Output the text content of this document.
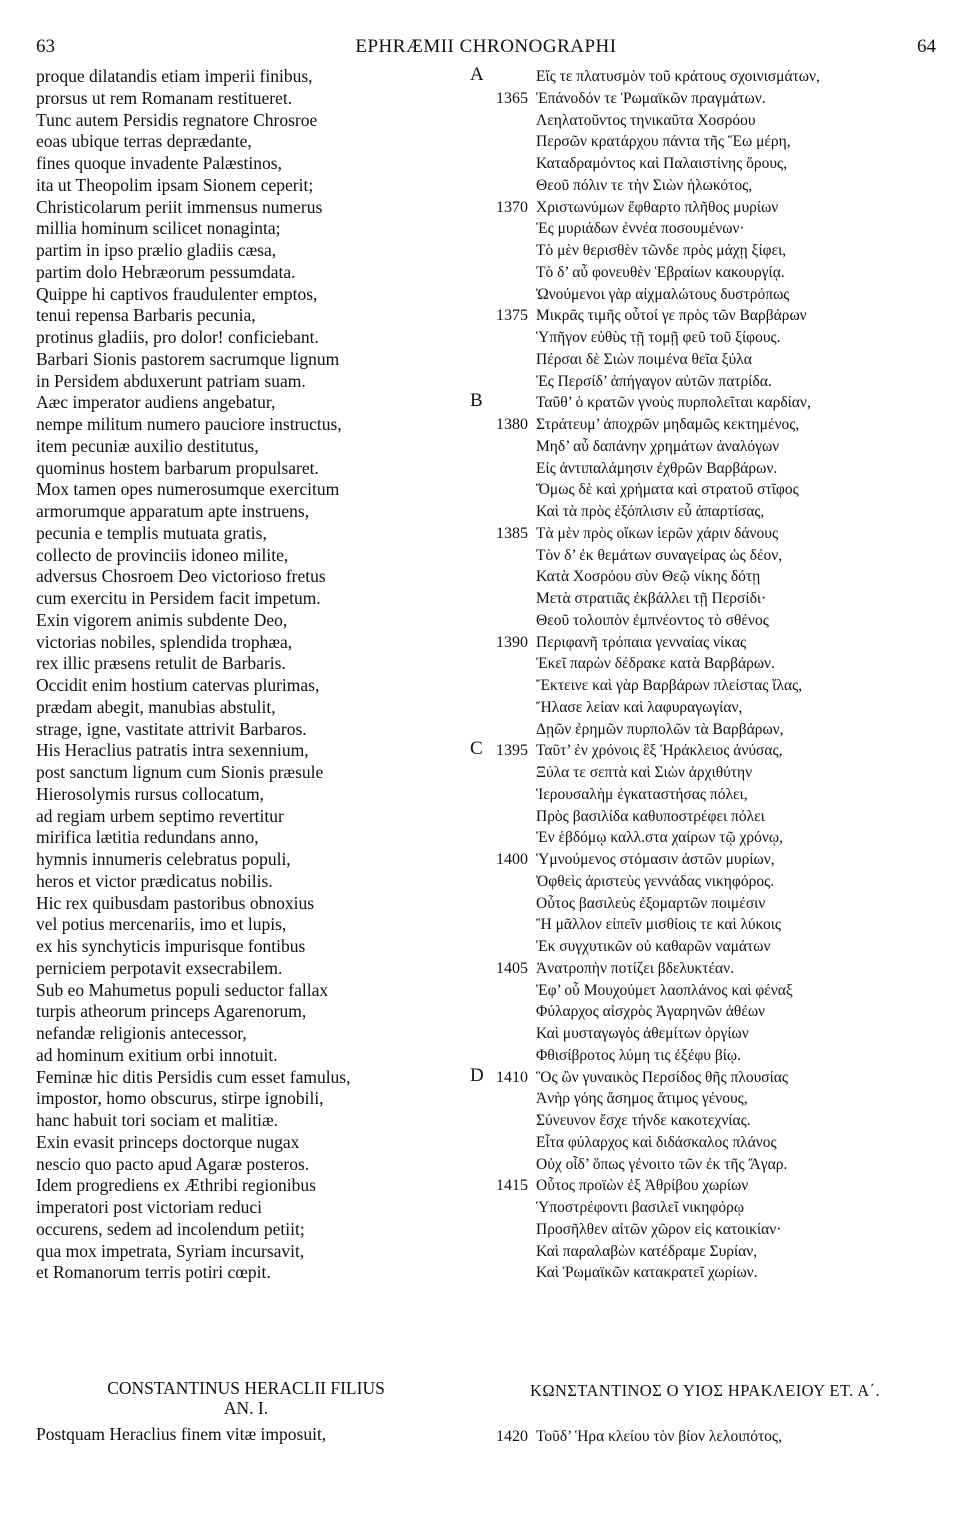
63	EPHRÆMII CHRONOGRAPHI	64
proque dilatandis etiam imperii finibus,
prorsus ut rem Romanam restitueret.
Tunc autem Persidis regnatore Chrosroe
eoas ubique terras deprædante,
fines quoque invadente Palæstinos,
ita ut Theopolim ipsam Sionem ceperit;
Christicolarum periit immensus numerus
millia hominum scilicet nonaginta;
partim in ipso prælio gladiis cæsa,
partim dolo Hebræorum pessumdata.
Quippe hi captivos fraudulenter emptos,
tenui repensa Barbaris pecunia,
protinus gladiis, pro dolor! conficiebant.
Barbari Sionis pastorem sacrumque lignum
in Persidem abduxerunt patriam suam.
Aæc imperator audiens angebatur,
nempe militum numero pauciore instructus,
item pecuniæ auxilio destitutus,
quominus hostem barbarum propulsaret.
Mox tamen opes numerosumque exercitum
armorumque apparatum apte instruens,
pecunia e templis mutuata gratis,
collecto de provinciis idoneo milite,
adversus Chosroem Deo victorioso fretus
cum exercitu in Persidem facit impetum.
Exin vigorem animis subdente Deo,
victorias nobiles, splendida trophæa,
rex illic præsens retulit de Barbaris.
Occidit enim hostium catervas plurimas,
prædam abegit, manubias abstulit,
strage, igne, vastitate attrivit Barbaros.
His Heraclius patratis intra sexennium,
post sanctum lignum cum Sionis præsule
Hierosolymis rursus collocatum,
ad regiam urbem septimo revertitur
mirifica lætitia redundans anno,
hymnis innumeris celebratus populi,
heros et victor prædicatus nobilis.
Hic rex quibusdam pastoribus obnoxius
vel potius mercenariis, imo et lupis,
ex his synchyticis impurisque fontibus
perniciem perpotavit exsecrabilem.
Sub eo Mahumetus populi seductor fallax
turpis atheorum princeps Agarenorum,
nefandæ religionis antecessor,
ad hominum exitium orbi innotuit.
Feminæ hic ditis Persidis cum esset famulus,
impostor, homo obscurus, stirpe ignobili,
hanc habuit tori sociam et malitiæ.
Exin evasit princeps doctorque nugax
nescio quo pacto apud Agaræ posteros.
Idem progrediens ex Æthribi regionibus
imperatori post victoriam reduci
occurens, sedem ad incolendum petiit;
qua mox impetrata, Syriam incursavit,
et Romanorum terris potiri cœpit.
A	Εἴς τε πλατυσμὸν τοῦ κράτους σχοινισμάτων,
1365 Ἐπάνοδόν τε Ῥωμαϊκῶν πραγμάτων.
Λεηλατοῦντος τηνικαῦτα Χοσρόου
Περσῶν κρατάρχου πάντα τῆς Ἕω μέρη,
Καταδραμόντος καὶ Παλαιστίνης ὅρους,
Θεοῦ πόλιν τε τὴν Σιὼν ἡλωκότος,
1370 Χριστωνύμων ἔφθαρτο πλῆθος μυρίων
Ἐς μυριάδων ἐννέα ποσουμένων·
Τὸ μὲν θερισθὲν τῶνδε πρὸς μάχῃ ξίφει,
Τὸ δ’ αὖ φονευθὲν Ἑβραίων κακουργίᾳ.
Ὠνούμενοι γὰρ αἰχμαλώτους δυστρόπως
1375 Μικρᾶς τιμῆς οὗτοί γε πρὸς τῶν Βαρβάρων
Ὑπῆγον εὐθὺς τῇ τομῇ φεῦ τοῦ ξίφους.
Πέρσαι δὲ Σιὼν ποιμένα θεῖα ξύλα
Ἐς Περσίδ’ ἀπήγαγον αὐτῶν πατρίδα.
B	Ταῦθ’ ὁ κρατῶν γνοὺς πυρπολεῖται καρδίαν,
1380 Στράτευμ’ ἀποχρῶν μηδαμῶς κεκτημένος,
Μηδ’ αὖ δαπάνην χρημάτων ἀναλόγων
Εἰς ἀντιπαλάμησιν ἐχθρῶν Βαρβάρων.
Ὅμως δὲ καὶ χρήματα καὶ στρατοῦ στῖφος
Καὶ τὰ πρὸς ἐξόπλισιν εὖ ἀπαρτίσας,
1385 Τὰ μὲν πρὸς οἴκων ἱερῶν χάριν δάνους
Τὸν δ’ ἐκ θεμάτων συναγείρας ὡς δέον,
Κατὰ Χοσρόου σὺν Θεῷ νίκης δότῃ
Μετὰ στρατιᾶς ἐκβάλλει τῇ Περσίδι·
Θεοῦ τολοιπὸν ἐμπνέοντος τὸ σθένος
1390 Περιφανῆ τρόπαια γενναίας νίκας
Ἐκεῖ παρὼν δέδρακε κατὰ Βαρβάρων.
Ἔκτεινε καὶ γὰρ Βαρβάρων πλείστας ἴλας,
Ἤλασε λείαν καὶ λαφυραγωγίαν,
Δῃῶν ἐρημῶν πυρπολῶν τὰ Βαρβάρων,
C 1395 Ταῦτ’ ἐν χρόνοις ἓξ Ἡράκλειος ἀνύσας,
Ξύλα τε σεπτὰ καὶ Σιὼν ἀρχιθύτην
Ἱερουσαλὴμ ἐγκαταστήσας πόλει,
Πρὸς βασιλίδα καθυποστρέφει πόλει
Ἐν ἑβδόμῳ καλλ.στα χαίρων τῷ χρόνῳ,
1400 Ὑμνούμενος στόμασιν ἀστῶν μυρίων,
Ὀφθεὶς ἀριστεὺς γεννάδας νικηφόρος.
Οὗτος βασιλεὺς ἐξομαρτῶν ποιμέσιν
Ἢ μᾶλλον εἰπεῖν μισθίοις τε καὶ λύκοις
Ἐκ συγχυτικῶν οὐ καθαρῶν ναμάτων
1405 Ἀνατροπὴν ποτίζει βδελυκτέαν.
Ἐφ’ οὗ Μουχούμετ λαοπλάνος καὶ φέναξ
Φύλαρχος αἰσχρὸς Ἀγαρηνῶν ἀθέων
Καὶ μυσταγωγὸς ἀθεμίτων ὀργίων
Φθισίβροτος λύμη τις ἐξέφυ βίῳ.
D 1410 Ὃς ὢν γυναικὸς Περσίδος θῆς πλουσίας
Ἀνὴρ γόης ἄσημος ἄτιμος γένους,
Σύνευνον ἔσχε τήνδε κακοτεχνίας.
Εἶτα φύλαρχος καὶ διδάσκαλος πλάνος
Οὐχ οἶδ’ ὅπως γένοιτο τῶν ἐκ τῆς Ἄγαρ.
1415 Οὗτος προϊὼν ἐξ Ἀθρίβου χωρίων
Ὑποστρέφοντι βασιλεῖ νικηφόρῳ
Προσῆλθεν αἰτῶν χῶρον εἰς κατοικίαν·
Καὶ παραλαβὼν κατέδραμε Συρίαν,
Καὶ Ῥωμαϊκῶν κατακρατεῖ χωρίων.
CONSTANTINUS HERACLII FILIUS
AN. I.
ΚΩΝΣΤΑΝΤΙΝΟΣ Ο ΥΙΟΣ ΗΡΑΚΛΕΙΟΥ ΕΤ. Α΄.
Postquam Heraclius finem vitæ imposuit,	1420 Τοῦδ’ Ἡρα κλείου τὸν βίον λελοιπότος,
